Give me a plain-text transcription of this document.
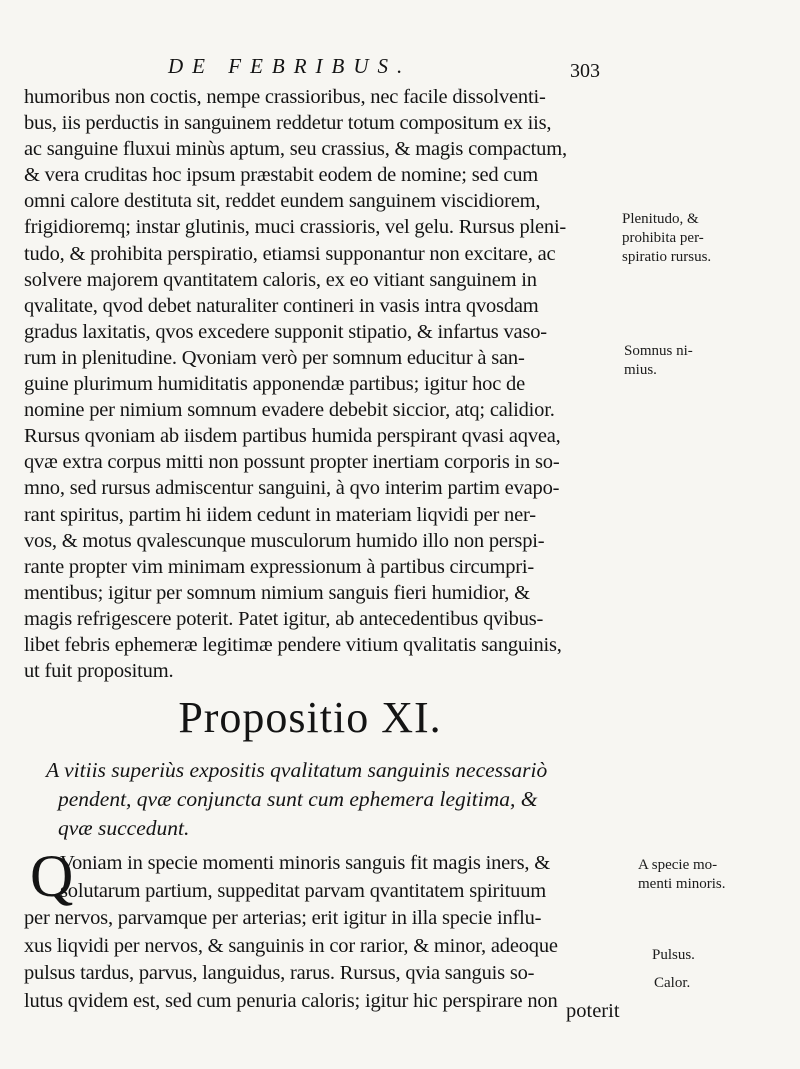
DE FEBRIBUS.	303
humoribus non coctis, nempe crassioribus, nec facile dissolventi-
bus, iis perductis in sanguinem reddetur totum compositum ex iis,
ac sanguine fluxui minùs aptum, seu crassius, & magis compactum,
& vera cruditas hoc ipsum præstabit eodem de nomine; sed cum
omni calore destituta sit, reddet eundem sanguinem viscidiorem,
frigidioremq; instar glutinis, muci crassioris, vel gelu. Rursus pleni-
tudo, & prohibita perspiratio, etiamsi supponantur non excitare, ac
solvere majorem qvantitatem caloris, ex eo vitiant sanguinem in
qvalitate, qvod debet naturaliter contineri in vasis intra qvosdam
gradus laxitatis, qvos excedere supponit stipatio, & infartus vaso-
rum in plenitudine. Qvoniam verò per somnum educitur à san-
guine plurimum humiditatis apponendæ partibus; igitur hoc de
nomine per nimium somnum evadere debebit siccior, atq; calidior.
Rursus qvoniam ab iisdem partibus humida perspirant qvasi aqvea,
qvæ extra corpus mitti non possunt propter inertiam corporis in so-
mno, sed rursus admiscentur sanguini, à qvo interim partim evapo-
rant spiritus, partim hi iidem cedunt in materiam liqvidi per ner-
vos, & motus qvalescunque musculorum humido illo non perspi-
rante propter vim minimam expressionum à partibus circumpri-
mentibus; igitur per somnum nimium sanguis fieri humidior, &
magis refrigescere poterit. Patet igitur, ab antecedentibus qvibus-
libet febris ephemeræ legitimæ pendere vitium qvalitatis sanguinis,
ut fuit propositum.
Plenitudo, &
prohibita per-
spiratio rursus.
Somnus ni-
mius.
A specie mo-
menti minoris.
Pulsus.
Calor.
Propositio XI.
A vitiis superiùs expositis qvalitatum sanguinis necessariò
pendent, qvæ conjuncta sunt cum ephemera legitima, &
qvæ succedunt.
Q
Voniam in specie momenti minoris sanguis fit magis iners, &
solutarum partium, suppeditat parvam qvantitatem spirituum
per nervos, parvamque per arterias; erit igitur in illa specie influ-
xus liqvidi per nervos, & sanguinis in cor rarior, & minor, adeoque
pulsus tardus, parvus, languidus, rarus. Rursus, qvia sanguis so-
lutus qvidem est, sed cum penuria caloris; igitur hic perspirare non poterit
